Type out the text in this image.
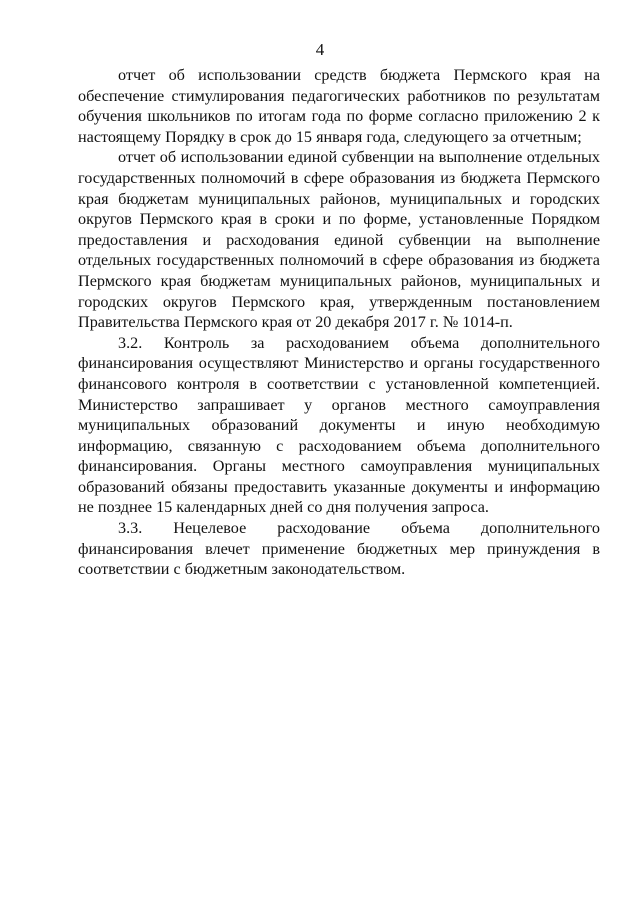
4

отчет об использовании средств бюджета Пермского края на обеспечение стимулирования педагогических работников по результатам обучения школьников по итогам года по форме согласно приложению 2 к настоящему Порядку в срок до 15 января года, следующего за отчетным;

отчет об использовании единой субвенции на выполнение отдельных государственных полномочий в сфере образования из бюджета Пермского края бюджетам муниципальных районов, муниципальных и городских округов Пермского края в сроки и по форме, установленные Порядком предоставления и расходования единой субвенции на выполнение отдельных государственных полномочий в сфере образования из бюджета Пермского края бюджетам муниципальных районов, муниципальных и городских округов Пермского края, утвержденным постановлением Правительства Пермского края от 20 декабря 2017 г. № 1014-п.

3.2. Контроль за расходованием объема дополнительного финансирования осуществляют Министерство и органы государственного финансового контроля в соответствии с установленной компетенцией. Министерство запрашивает у органов местного самоуправления муниципальных образований документы и иную необходимую информацию, связанную с расходованием объема дополнительного финансирования. Органы местного самоуправления муниципальных образований обязаны предоставить указанные документы и информацию не позднее 15 календарных дней со дня получения запроса.

3.3. Нецелевое расходование объема дополнительного финансирования влечет применение бюджетных мер принуждения в соответствии с бюджетным законодательством.
